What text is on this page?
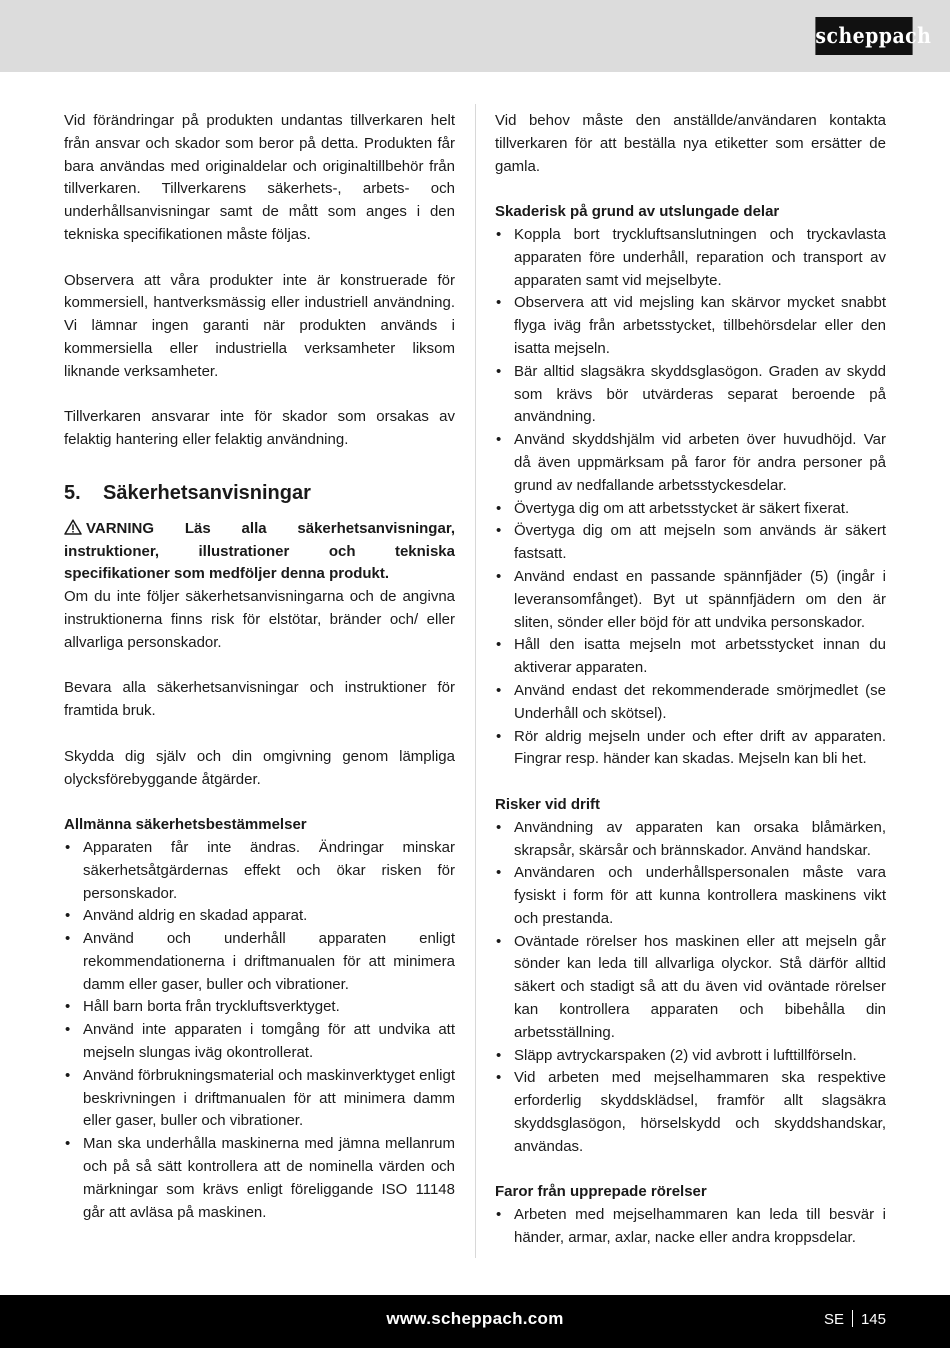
scheppach

Vid förändringar på produkten undantas tillverkaren helt från ansvar och skador som beror på detta. Produkten får bara användas med originaldelar och originaltillbehör från tillverkaren. Tillverkarens säkerhets-, arbets- och underhållsanvisningar samt de mått som anges i den tekniska specifikationen måste följas.

Observera att våra produkter inte är konstruerade för kommersiell, hantverksmässig eller industriell användning. Vi lämnar ingen garanti när produkten används i kommersiella eller industriella verksamheter liksom liknande verksamheter.

Tillverkaren ansvarar inte för skador som orsakas av felaktig hantering eller felaktig användning.

5.	Säkerhetsanvisningar

VARNING Läs alla säkerhetsanvisningar, instruktioner, illustrationer och tekniska specifikationer som medföljer denna produkt.

Om du inte följer säkerhetsanvisningarna och de angivna instruktionerna finns risk för elstötar, bränder och/ eller allvarliga personskador.

Bevara alla säkerhetsanvisningar och instruktioner för framtida bruk.

Skydda dig själv och din omgivning genom lämpliga olycksförebyggande åtgärder.

Allmänna säkerhetsbestämmelser

• Apparaten får inte ändras. Ändringar minskar säkerhetsåtgärdernas effekt och ökar risken för personskador.
• Använd aldrig en skadad apparat.
• Använd och underhåll apparaten enligt rekommendationerna i driftmanualen för att minimera damm eller gaser, buller och vibrationer.
• Håll barn borta från tryckluftsverktyget.
• Använd inte apparaten i tomgång för att undvika att mejseln slungas iväg okontrollerat.
• Använd förbrukningsmaterial och maskinverktyget enligt beskrivningen i driftmanualen för att minimera damm eller gaser, buller och vibrationer.
• Man ska underhålla maskinerna med jämna mellanrum och på så sätt kontrollera att de nominella värden och märkningar som krävs enligt föreliggande ISO 11148 går att avläsa på maskinen.

Vid behov måste den anställde/användaren kontakta tillverkaren för att beställa nya etiketter som ersätter de gamla.

Skaderisk på grund av utslungade delar

• Koppla bort tryckluftsanslutningen och tryckavlasta apparaten före underhåll, reparation och transport av apparaten samt vid mejselbyte.
• Observera att vid mejsling kan skärvor mycket snabbt flyga iväg från arbetsstycket, tillbehörsdelar eller den isatta mejseln.
• Bär alltid slagsäkra skyddsglasögon. Graden av skydd som krävs bör utvärderas separat beroende på användning.
• Använd skyddshjälm vid arbeten över huvudhöjd. Var då även uppmärksam på faror för andra personer på grund av nedfallande arbetsstyckesdelar.
• Övertyga dig om att arbetsstycket är säkert fixerat.
• Övertyga dig om att mejseln som används är säkert fastsatt.
• Använd endast en passande spännfjäder (5) (ingår i leveransomfånget). Byt ut spännfjädern om den är sliten, sönder eller böjd för att undvika personskador.
• Håll den isatta mejseln mot arbetsstycket innan du aktiverar apparaten.
• Använd endast det rekommenderade smörjmedlet (se Underhåll och skötsel).
• Rör aldrig mejseln under och efter drift av apparaten. Fingrar resp. händer kan skadas. Mejseln kan bli het.

Risker vid drift

• Användning av apparaten kan orsaka blåmärken, skrapsår, skärsår och brännskador. Använd handskar.
• Användaren och underhållspersonalen måste vara fysiskt i form för att kunna kontrollera maskinens vikt och prestanda.
• Oväntade rörelser hos maskinen eller att mejseln går sönder kan leda till allvarliga olyckor. Stå därför alltid säkert och stadigt så att du även vid oväntade rörelser kan kontrollera apparaten och bibehålla din arbetsställning.
• Släpp avtryckarspaken (2) vid avbrott i lufttillförseln.
• Vid arbeten med mejselhammaren ska respektive erforderlig skyddsklädsel, framför allt slagsäkra skyddsglasögon, hörselskydd och skyddshandskar, användas.

Faror från upprepade rörelser

• Arbeten med mejselhammaren kan leda till besvär i händer, armar, axlar, nacke eller andra kroppsdelar.
www.scheppach.com	SE 145
